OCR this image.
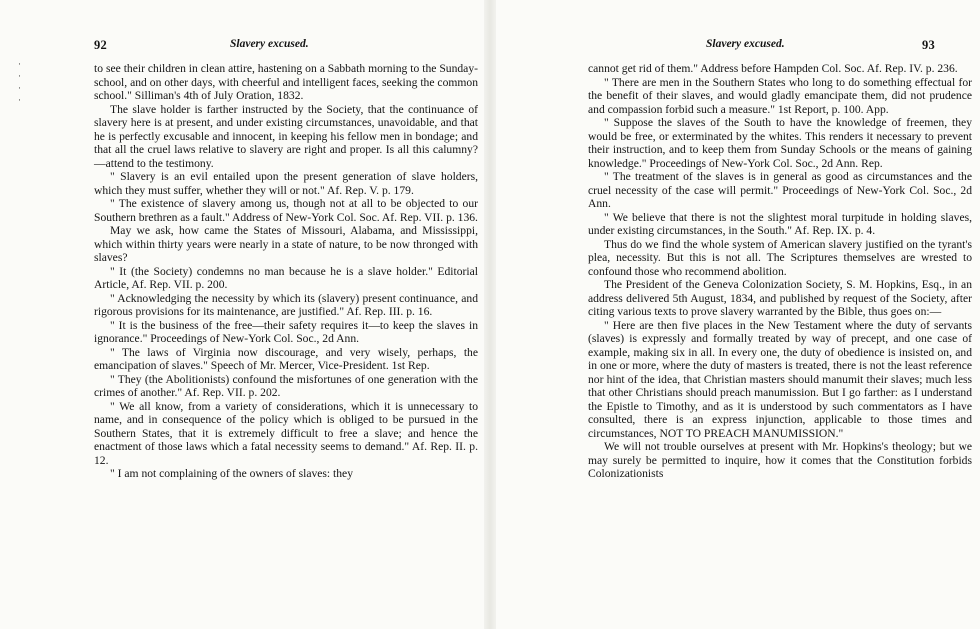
·
·
·
·
92	Slavery excused.

to see their children in clean attire, hastening on a Sabbath morning to the Sunday-school, and on other days, with cheerful and intelligent faces, seeking the common school." Silliman's 4th of July Oration, 1832.

The slave holder is farther instructed by the Society, that the continuance of slavery here is at present, and under existing circumstances, unavoidable, and that he is perfectly excusable and innocent, in keeping his fellow men in bondage; and that all the cruel laws relative to slavery are right and proper. Is all this calumny?—attend to the testimony.

" Slavery is an evil entailed upon the present generation of slave holders, which they must suffer, whether they will or not." Af. Rep. V. p. 179.

" The existence of slavery among us, though not at all to be objected to our Southern brethren as a fault." Address of New-York Col. Soc. Af. Rep. VII. p. 136.

May we ask, how came the States of Missouri, Alabama, and Mississippi, which within thirty years were nearly in a state of nature, to be now thronged with slaves?

" It (the Society) condemns no man because he is a slave holder." Editorial Article, Af. Rep. VII. p. 200.

" Acknowledging the necessity by which its (slavery) present continuance, and rigorous provisions for its maintenance, are justified." Af. Rep. III. p. 16.

" It is the business of the free—their safety requires it—to keep the slaves in ignorance." Proceedings of New-York Col. Soc., 2d Ann.

" The laws of Virginia now discourage, and very wisely, perhaps, the emancipation of slaves." Speech of Mr. Mercer, Vice-President. 1st Rep.

" They (the Abolitionists) confound the misfortunes of one generation with the crimes of another." Af. Rep. VII. p. 202.

" We all know, from a variety of considerations, which it is unnecessary to name, and in consequence of the policy which is obliged to be pursued in the Southern States, that it is extremely difficult to free a slave; and hence the enactment of those laws which a fatal necessity seems to demand." Af. Rep. II. p. 12.

" I am not complaining of the owners of slaves: they

Slavery excused.	93

cannot get rid of them." Address before Hampden Col. Soc. Af. Rep. IV. p. 236.

" There are men in the Southern States who long to do something effectual for the benefit of their slaves, and would gladly emancipate them, did not prudence and compassion forbid such a measure." 1st Report, p. 100. App.

" Suppose the slaves of the South to have the knowledge of freemen, they would be free, or exterminated by the whites. This renders it necessary to prevent their instruction, and to keep them from Sunday Schools or the means of gaining knowledge." Proceedings of New-York Col. Soc., 2d Ann. Rep.

" The treatment of the slaves is in general as good as circumstances and the cruel necessity of the case will permit." Proceedings of New-York Col. Soc., 2d Ann.

" We believe that there is not the slightest moral turpitude in holding slaves, under existing circumstances, in the South." Af. Rep. IX. p. 4.

Thus do we find the whole system of American slavery justified on the tyrant's plea, necessity. But this is not all. The Scriptures themselves are wrested to confound those who recommend abolition.

The President of the Geneva Colonization Society, S. M. Hopkins, Esq., in an address delivered 5th August, 1834, and published by request of the Society, after citing various texts to prove slavery warranted by the Bible, thus goes on:—

" Here are then five places in the New Testament where the duty of servants (slaves) is expressly and formally treated by way of precept, and one case of example, making six in all. In every one, the duty of obedience is insisted on, and in one or more, where the duty of masters is treated, there is not the least reference nor hint of the idea, that Christian masters should manumit their slaves; much less that other Christians should preach manumission. But I go farther: as I understand the Epistle to Timothy, and as it is understood by such commentators as I have consulted, there is an express injunction, applicable to those times and circumstances, NOT TO PREACH MANUMISSION."

We will not trouble ourselves at present with Mr. Hopkins's theology; but we may surely be permitted to inquire, how it comes that the Constitution forbids Colonizationists
